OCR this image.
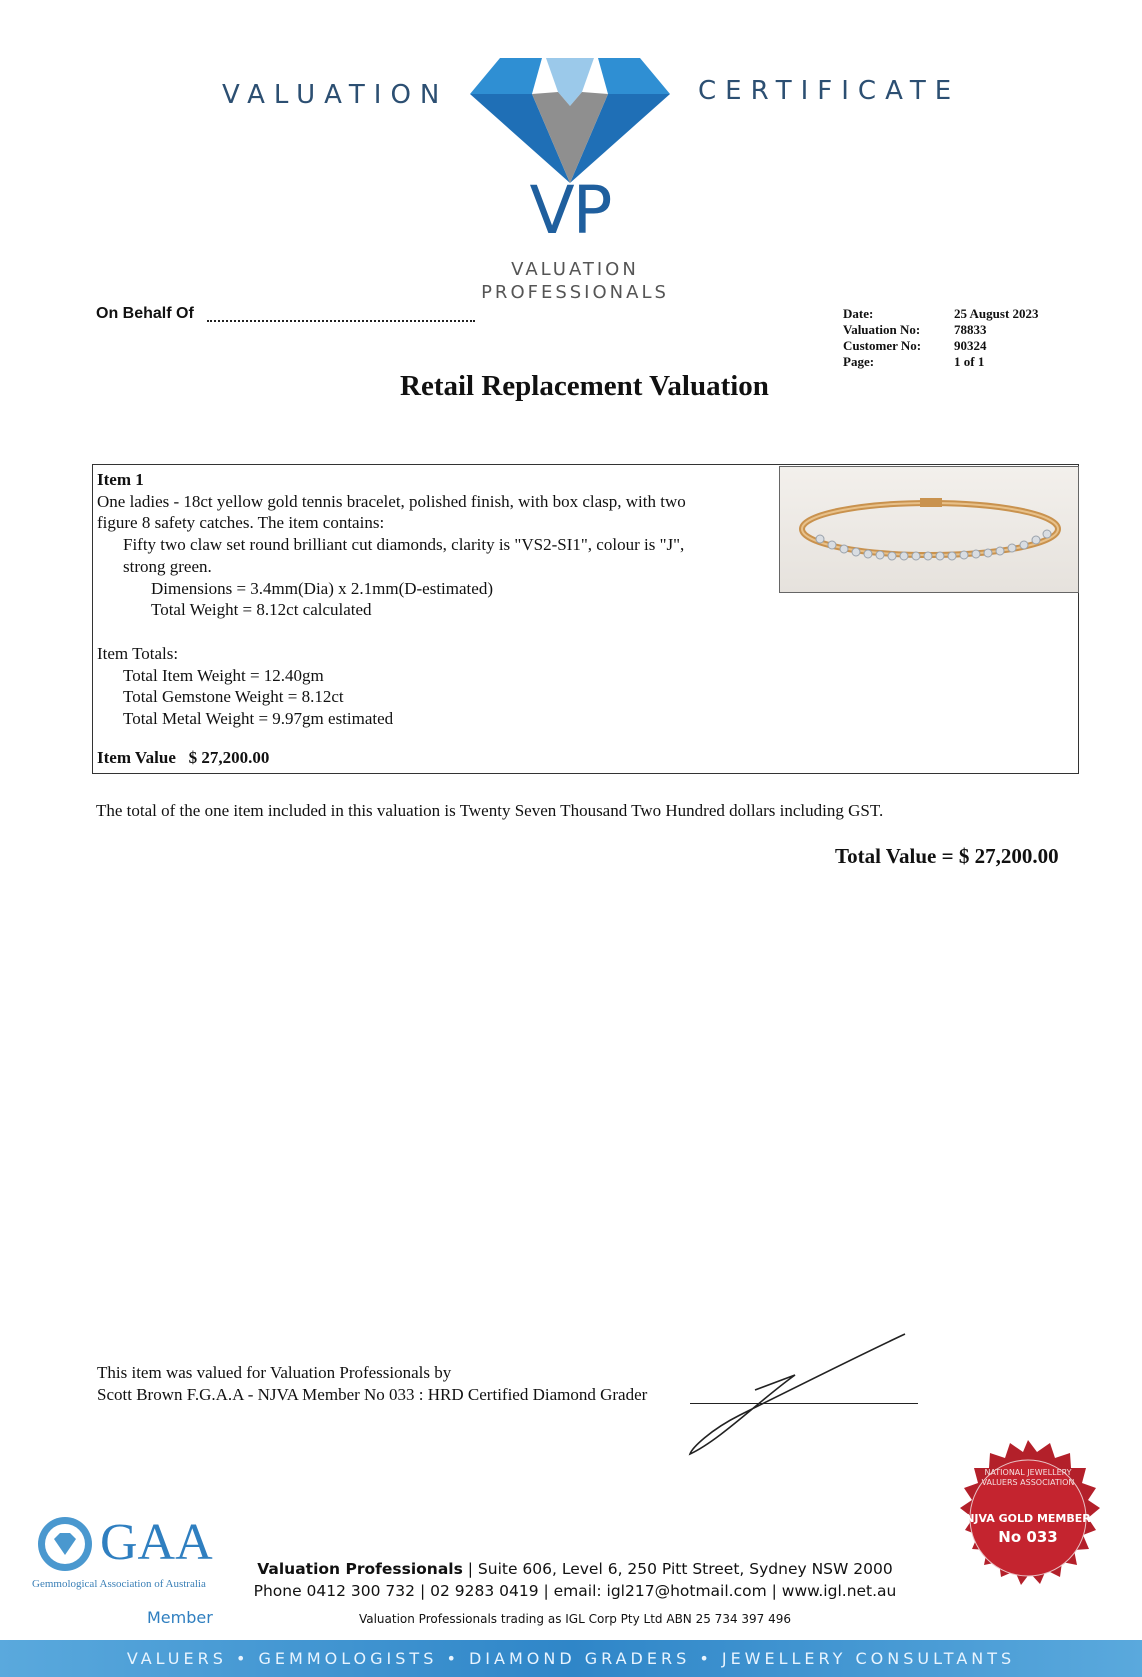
VALUATION	CERTIFICATE
VP
VALUATION
PROFESSIONALS
On Behalf Of	Date:
Valuation No:
Customer No:
Page:
25 August 2023
78833
90324
1 of 1
Retail Replacement Valuation
Item 1
One ladies - 18ct yellow gold tennis bracelet, polished finish, with box clasp, with two
figure 8 safety catches. The item contains:
Fifty two claw set round brilliant cut diamonds, clarity is "VS2-SI1", colour is "J",
strong green.
Dimensions = 3.4mm(Dia) x 2.1mm(D-estimated)
Total Weight = 8.12ct calculated
Item Totals:
Total Item Weight = 12.40gm
Total Gemstone Weight = 8.12ct
Total Metal Weight = 9.97gm estimated
Item Value $ 27,200.00
The total of the one item included in this valuation is Twenty Seven Thousand Two Hundred dollars including GST.
Total Value = $ 27,200.00
This item was valued for Valuation Professionals by
Scott Brown F.G.A.A - NJVA Member No 033 : HRD Certified Diamond Grader
GAA
Gemmological Association of Australia
Member
Valuation Professionals | Suite 606, Level 6, 250 Pitt Street, Sydney NSW 2000
Phone 0412 300 732 | 02 9283 0419 | email: igl217@hotmail.com | www.igl.net.au
Valuation Professionals trading as IGL Corp Pty Ltd ABN 25 734 397 496
NATIONAL JEWELLERY VALUERS ASSOCIATION
NJVA GOLD MEMBER
No 033
VALUERS • GEMMOLOGISTS • DIAMOND GRADERS • JEWELLERY CONSULTANTS
